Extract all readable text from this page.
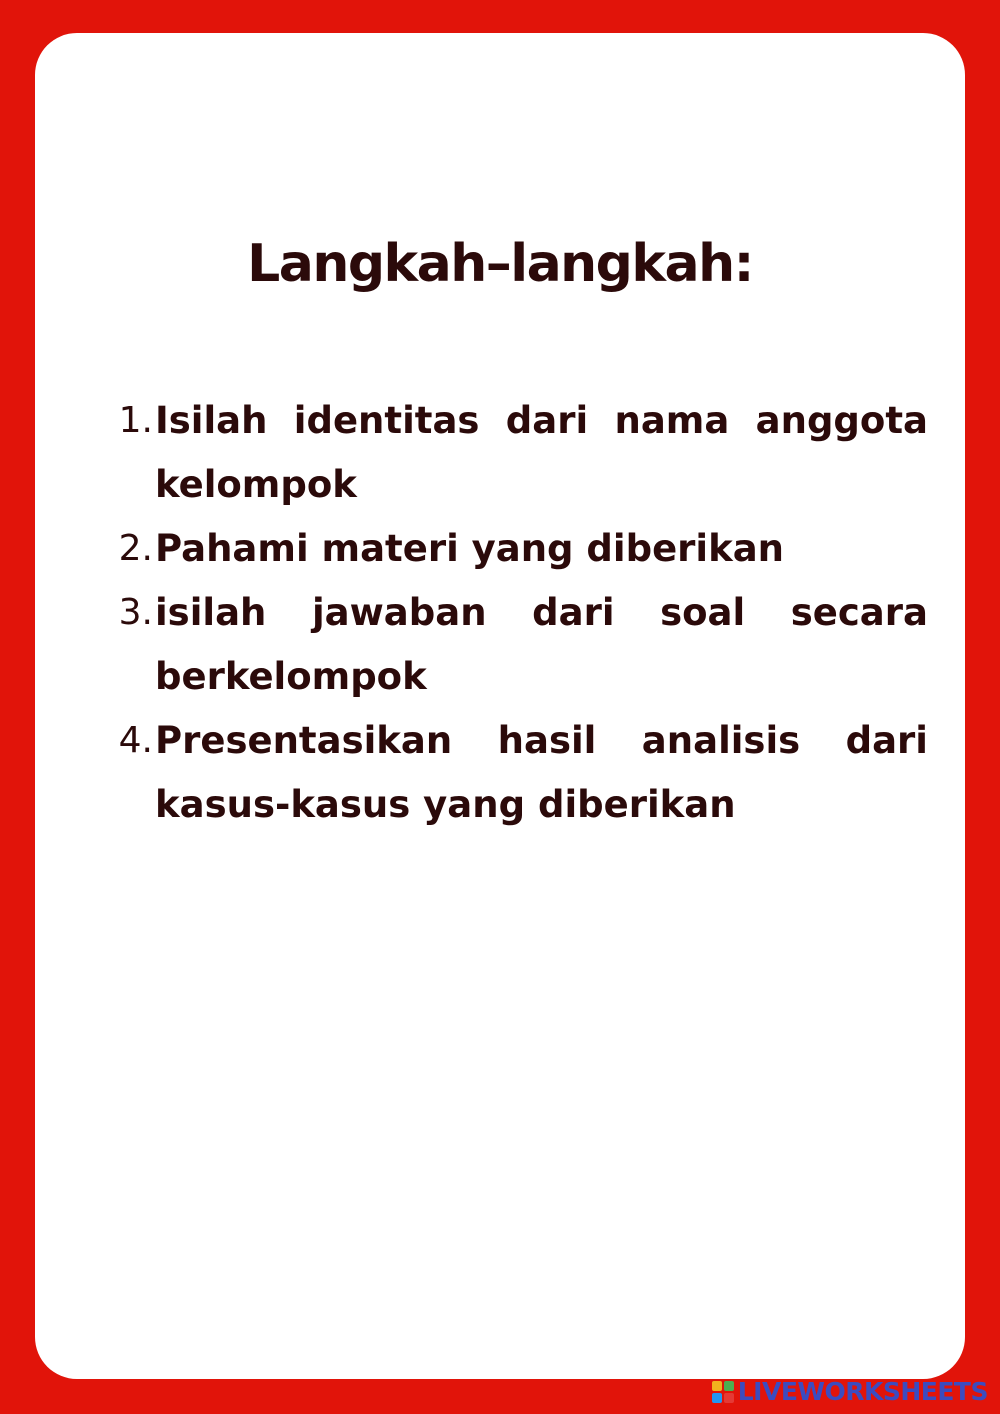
Langkah–langkah:
1. Isilah identitas dari nama anggota kelompok
2. Pahami materi yang diberikan
3. isilah jawaban dari soal secara berkelompok
4. Presentasikan hasil analisis dari kasus-kasus yang diberikan
LIVEWORKSHEETS
